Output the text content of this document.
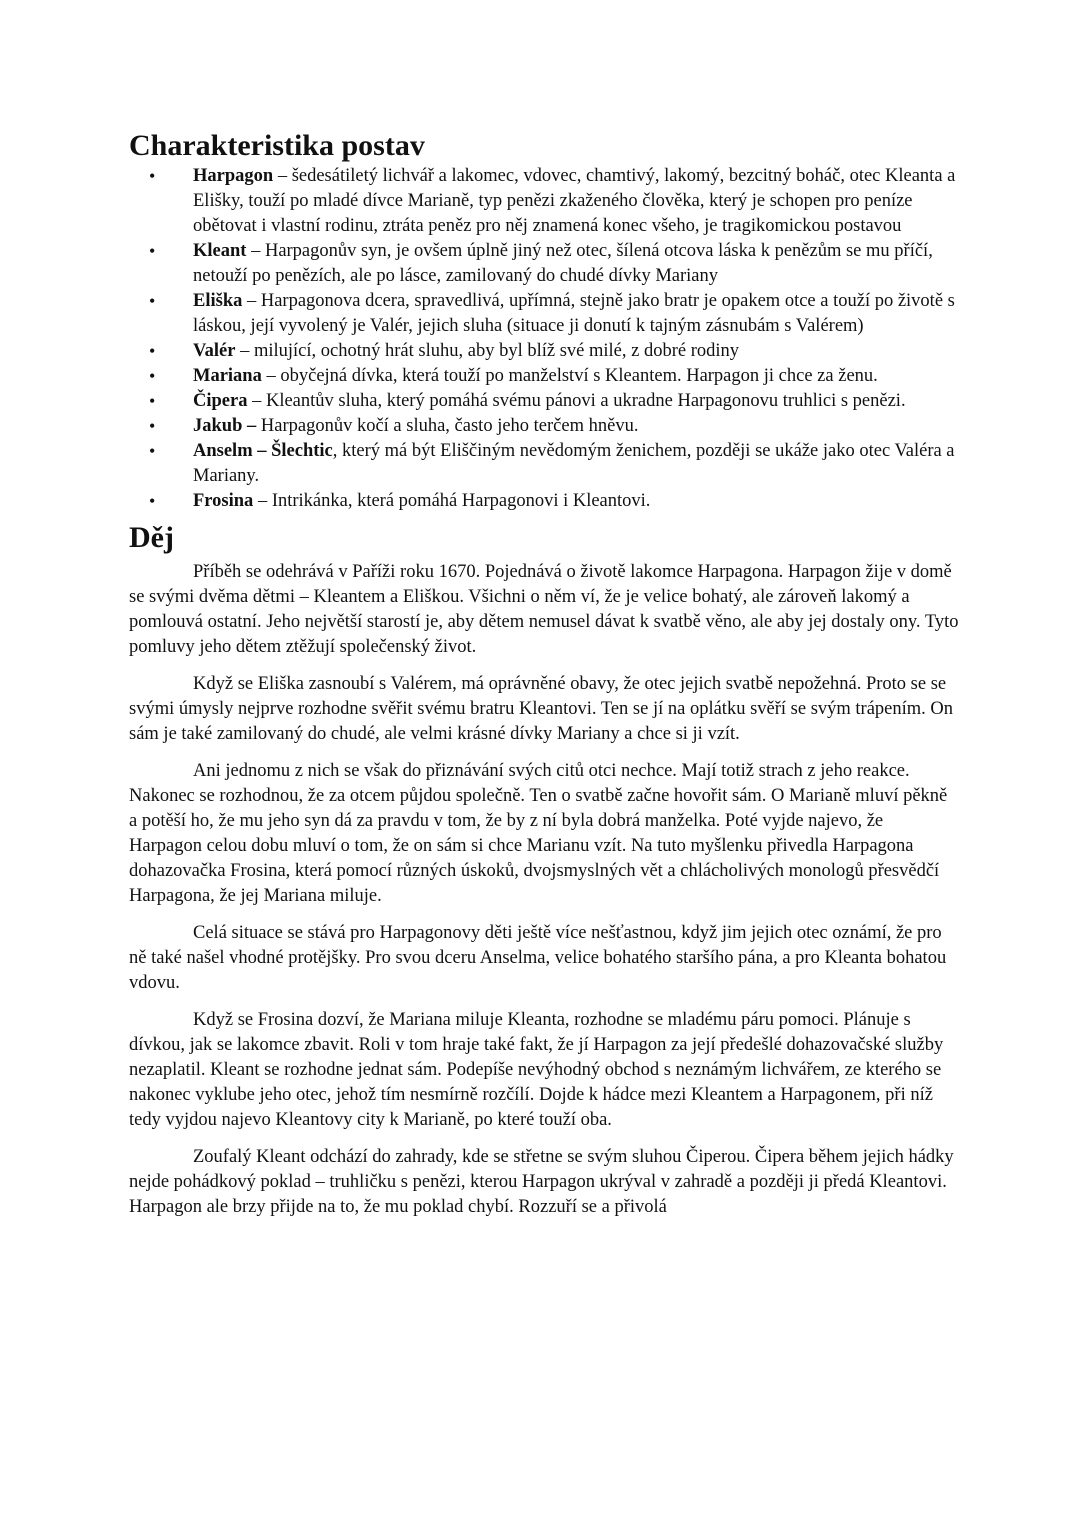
Charakteristika postav
• Harpagon – šedesátiletý lichvář a lakomec, vdovec, chamtivý, lakomý, bezcitný boháč, otec Kleanta a Elišky, touží po mladé dívce Marianě, typ penězi zkaženého člověka, který je schopen pro peníze obětovat i vlastní rodinu, ztráta peněz pro něj znamená konec všeho, je tragikomickou postavou
• Kleant – Harpagonův syn, je ovšem úplně jiný než otec, šílená otcova láska k penězům se mu příčí, netouží po penězích, ale po lásce, zamilovaný do chudé dívky Mariany
• Eliška – Harpagonova dcera, spravedlivá, upřímná, stejně jako bratr je opakem otce a touží po životě s láskou, její vyvolený je Valér, jejich sluha (situace ji donutí k tajným zásnubám s Valérem)
• Valér – milující, ochotný hrát sluhu, aby byl blíž své milé, z dobré rodiny
• Mariana – obyčejná dívka, která touží po manželství s Kleantem. Harpagon ji chce za ženu.
• Čipera – Kleantův sluha, který pomáhá svému pánovi a ukradne Harpagonovu truhlici s penězi.
• Jakub – Harpagonův kočí a sluha, často jeho terčem hněvu.
• Anselm – Šlechtic, který má být Eliščiným nevědomým ženichem, později se ukáže jako otec Valéra a Mariany.
• Frosina – Intrikánka, která pomáhá Harpagonovi i Kleantovi.
Děj

Příběh se odehrává v Paříži roku 1670. Pojednává o životě lakomce Harpagona. Harpagon žije v domě se svými dvěma dětmi – Kleantem a Eliškou. Všichni o něm ví, že je velice bohatý, ale zároveň lakomý a pomlouvá ostatní. Jeho největší starostí je, aby dětem nemusel dávat k svatbě věno, ale aby jej dostaly ony. Tyto pomluvy jeho dětem ztěžují společenský život.

Když se Eliška zasnoubí s Valérem, má oprávněné obavy, že otec jejich svatbě nepožehná. Proto se se svými úmysly nejprve rozhodne svěřit svému bratru Kleantovi. Ten se jí na oplátku svěří se svým trápením. On sám je také zamilovaný do chudé, ale velmi krásné dívky Mariany a chce si ji vzít.

Ani jednomu z nich se však do přiznávání svých citů otci nechce. Mají totiž strach z jeho reakce. Nakonec se rozhodnou, že za otcem půjdou společně. Ten o svatbě začne hovořit sám. O Marianě mluví pěkně a potěší ho, že mu jeho syn dá za pravdu v tom, že by z ní byla dobrá manželka. Poté vyjde najevo, že Harpagon celou dobu mluví o tom, že on sám si chce Marianu vzít. Na tuto myšlenku přivedla Harpagona dohazovačka Frosina, která pomocí různých úskoků, dvojsmyslných vět a chlácholivých monologů přesvědčí Harpagona, že jej Mariana miluje.

Celá situace se stává pro Harpagonovy děti ještě více nešťastnou, když jim jejich otec oznámí, že pro ně také našel vhodné protějšky. Pro svou dceru Anselma, velice bohatého staršího pána, a pro Kleanta bohatou vdovu.

Když se Frosina dozví, že Mariana miluje Kleanta, rozhodne se mladému páru pomoci. Plánuje s dívkou, jak se lakomce zbavit. Roli v tom hraje také fakt, že jí Harpagon za její předešlé dohazovačské služby nezaplatil. Kleant se rozhodne jednat sám. Podepíše nevýhodný obchod s neznámým lichvářem, ze kterého se nakonec vyklube jeho otec, jehož tím nesmírně rozčílí. Dojde k hádce mezi Kleantem a Harpagonem, při níž tedy vyjdou najevo Kleantovy city k Marianě, po které touží oba.

Zoufalý Kleant odchází do zahrady, kde se střetne se svým sluhou Čiperou. Čipera během jejich hádky nejde pohádkový poklad – truhličku s penězi, kterou Harpagon ukrýval v zahradě a později ji předá Kleantovi. Harpagon ale brzy přijde na to, že mu poklad chybí. Rozzuří se a přivolá
